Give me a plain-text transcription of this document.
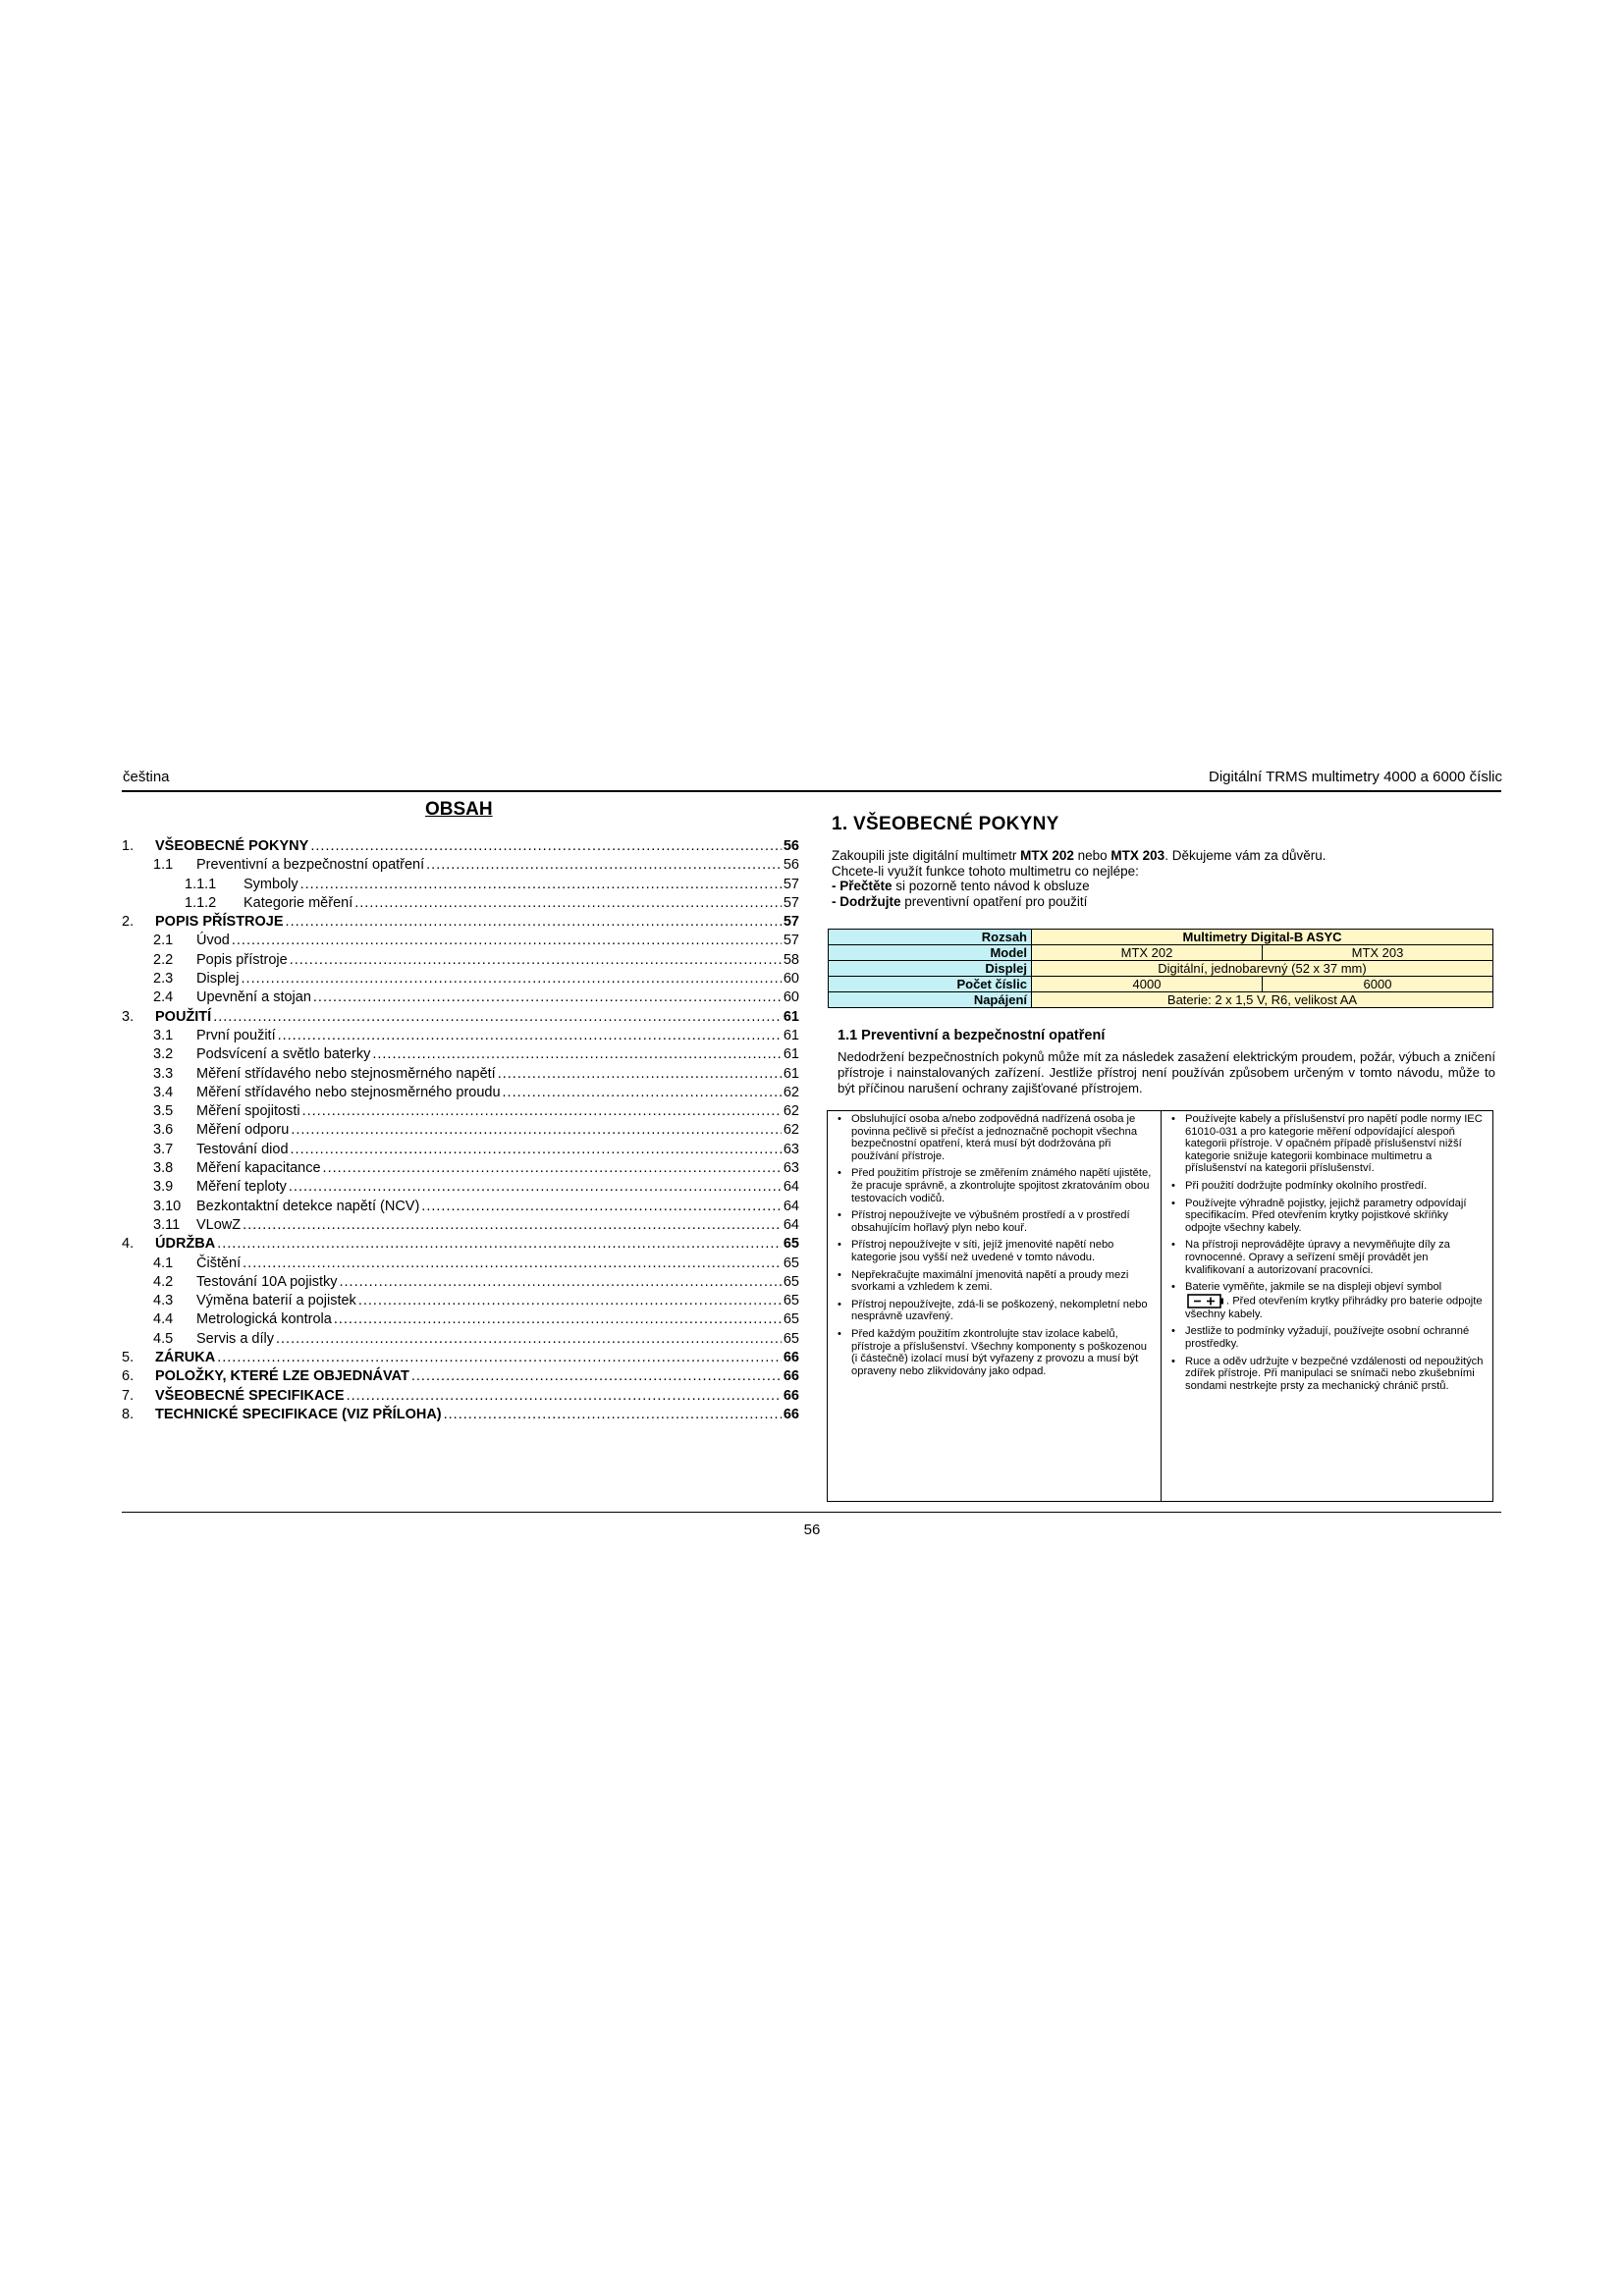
čeština	Digitální TRMS multimetry 4000 a 6000 číslic
OBSAH
1.	VŠEOBECNÉ POKYNY .....	56
1.1	Preventivní a bezpečnostní opatření .....	56
1.1.1	Symboly .....	57
1.1.2	Kategorie měření .....	57
2.	POPIS PŘÍSTROJE .....	57
2.1	Úvod .....	57
2.2	Popis přístroje .....	58
2.3	Displej .....	60
2.4	Upevnění a stojan .....	60
3.	POUŽITÍ .....	61
3.1	První použití .....	61
3.2	Podsvícení a světlo baterky .....	61
3.3	Měření střídavého nebo stejnosměrného napětí .....	61
3.4	Měření střídavého nebo stejnosměrného proudu .....	62
3.5	Měření spojitosti .....	62
3.6	Měření odporu .....	62
3.7	Testování diod .....	63
3.8	Měření kapacitance .....	63
3.9	Měření teploty .....	64
3.10	Bezkontaktní detekce napětí (NCV) .....	64
3.11	VLowZ .....	64
4.	ÚDRŽBA .....	65
4.1	Čištění .....	65
4.2	Testování 10A pojistky .....	65
4.3	Výměna baterií a pojistek .....	65
4.4	Metrologická kontrola .....	65
4.5	Servis a díly .....	65
5.	ZÁRUKA .....	66
6.	POLOŽKY, KTERÉ LZE OBJEDNÁVAT .....	66
7.	VŠEOBECNÉ SPECIFIKACE .....	66
8.	TECHNICKÉ SPECIFIKACE (VIZ PŘÍLOHA) .....	66
1. VŠEOBECNÉ POKYNY

Zakoupili jste digitální multimetr MTX 202 nebo MTX 203. Děkujeme vám za důvěru.

Chcete-li využít funkce tohoto multimetru co nejlépe:

- Přečtěte si pozorně tento návod k obsluze

- Dodržujte preventivní opatření pro použití

Rozsah	Multimetry Digital-B ASYC	
Model	MTX 202	MTX 203
Displej	Digitální, jednobarevný (52 x 37 mm)	
Počet číslic	4000	6000
Napájení	Baterie: 2 x 1,5 V, R6, velikost AA	
1.1 Preventivní a bezpečnostní opatření
Nedodržení bezpečnostních pokynů může mít za následek zasažení elektrickým proudem, požár, výbuch a zničení přístroje i nainstalovaných zařízení. Jestliže přístroj není používán způsobem určeným v tomto návodu, může to být příčinou narušení ochrany zajišťované přístrojem.
• Obsluhující osoba a/nebo zodpovědná nadřízená osoba je povinna pečlivě si přečíst a jednoznačně pochopit všechna bezpečnostní opatření, která musí být dodržována při používání přístroje.
• Před použitím přístroje se změřením známého napětí ujistěte, že pracuje správně, a zkontrolujte spojitost zkratováním obou testovacích vodičů.
• Přístroj nepoužívejte ve výbušném prostředí a v prostředí obsahujícím hořlavý plyn nebo kouř.
• Přístroj nepoužívejte v síti, jejíž jmenovité napětí nebo kategorie jsou vyšší než uvedené v tomto návodu.
• Nepřekračujte maximální jmenovitá napětí a proudy mezi svorkami a vzhledem k zemi.
• Přístroj nepoužívejte, zdá-li se poškozený, nekompletní nebo nesprávně uzavřený.
• Před každým použitím zkontrolujte stav izolace kabelů, přístroje a příslušenství. Všechny komponenty s poškozenou (i částečně) izolací musí být vyřazeny z provozu a musí být opraveny nebo zlikvidovány jako odpad.
• Používejte kabely a příslušenství pro napětí podle normy IEC 61010-031 a pro kategorie měření odpovídající alespoň kategorii přístroje. V opačném případě příslušenství nižší kategorie snižuje kategorii kombinace multimetru a příslušenství na kategorii příslušenství.
• Při použití dodržujte podmínky okolního prostředí.
• Používejte výhradně pojistky, jejichž parametry odpovídají specifikacím. Před otevřením krytky pojistkové skříňky odpojte všechny kabely.
• Na přístroji neprovádějte úpravy a nevyměňujte díly za rovnocenné. Opravy a seřízení smějí provádět jen kvalifikovaní a autorizovaní pracovníci.
• Baterie vyměňte, jakmile se na displeji objeví symbol . Před otevřením krytky přihrádky pro baterie odpojte všechny kabely.
• Jestliže to podmínky vyžadují, používejte osobní ochranné prostředky.
• Ruce a oděv udržujte v bezpečné vzdálenosti od nepoužitých zdířek přístroje. Při manipulaci se snímači nebo zkušebními sondami nestrkejte prsty za mechanický chránič prstů.
56
